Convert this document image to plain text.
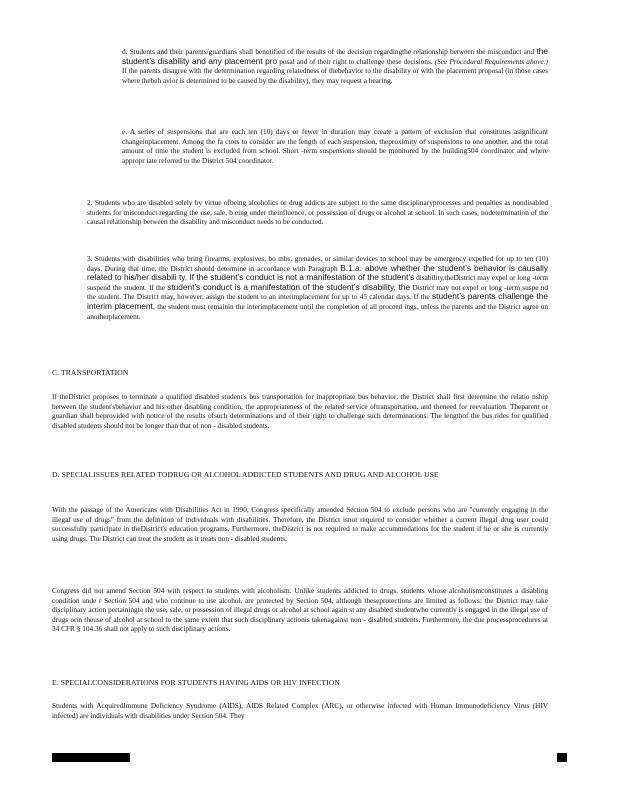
d. Students and their parents/guardians shall benotified of the results of the decision regardingthe relationship between the misconduct and the student’s disability and any placement pro posal and of their right to challenge these decisions. (See Procedural Requirements above.) If the parents disagree with the determination regarding relatedness of thebehavior to the disability or with the placement proposal (in those cases where thebeh avior is determined to be caused by the disability), they may request a hearing.

e. A series of suspensions that are each ten (10) days or fewer in duration may create a pattern of exclusion that constitutes asignificant changeinplacement. Among the fa ctors to consider are the length of each suspension, theproximity of suspensions to one another, and the total amount of time the student is excluded from school. Short -term suspensions should be monitored by the building504 coordinator and where appropr iate referred to the District 504 coordinator.

2. Students who are disabled solely by virtue ofbeing alcoholics or drug addicts are subject to the same disciplinaryprocesses and penalties as nondisabled students for misconduct regarding the use, sale, b eing under theinfluence, or possession of drugs or alcohol at school. In such cases, nodetermination of the causal relationship between the disability and misconduct needs to be conducted.

3. Students with disabilities who bring firearms, explosives, bo mbs, grenades, or similar devices to school may be emergency expelled for up to ten (10) days. During that time, the District should determine in accordance with Paragraph B.1.a. above whether the student’s behavior is causally related to his/her disabili ty. If the student’s conduct is not a manifestation of the student’s disability,theDistrict may expel or long -term suspend the student. If the student’s conduct is a manifestation of the student’s disability, the District may not expel or long -term suspe nd the student. The District may, however, assign the student to an interimplacement for up to 45 calendar days. If the student’s parents challenge the interim placement, the student must remainin the interimplacement until the completion of all proceed ings, unless the parents and the District agree on anotherplacement.

C. TRANSPORTATION

If theDistrict proposes to terminate a qualified disabled student's bus transportation for inappropriate bus behavior, the District shall first determine the relatio nship between the student'sbehavior and his other disabling condition, the appropriateness of the related service oftransportation, and theneed for reevaluation. Theparent or guardian shall beprovided with notice of the results ofsuch determinations and of their right to challenge such determinations. The lengthof the bus rides for qualified disabled students should not be longer than that of non - disabled students.

D. SPECIALISSUES RELATED TODRUG OR ALCOHOL ADDICTED STUDENTS AND DRUG AND ALCOHOL USE

With the passage of the Americans with Disabilities Act in 1990, Congress specifically amended Section 504 to exclude persons who are "currently engaging in the illegal use of drugs" from the definition of individuals with disabilities. Therefore, the District isnot required to consider whether a current illegal drug user could successfully participate in theDistrict's education programs. Furthermore, theDistrict is not required to make accommodations for the student if he or she is currently using drugs. The District can treat the student as it treats non - disabled students.

Congress did not amend Section 504 with respect to students with alcoholism. Unlike students addicted to drugs, students whose alcoholismconstitutes a disabling condition unde r Section 504 and who continue to use alcohol, are protected by Section 504, although theseprotections are limited as follows: the District may take disciplinary action pertainingto the use, sale, or possession of illegal drugs or alcohol at school again st any disabled studentwho currently is engaged in the illegal use of drugs orin theuse of alcohol at school to the same extent that such disciplinary actionis takenagainst non - disabled students. Furthermore, the due processprocedures at 34 CFR § 104.36 shall not apply to such disciplinary actions.

E. SPECIALCONSIDERATIONS FOR STUDENTS HAVING AIDS OR HIV INFECTION

Students with AcquiredImmune Deficiency Syndrome (AIDS), AIDS Related Complex (ARC), or otherwise infected with Human Immunodeficiency Virus (HIV infected) are individuals with disabilities under Section 504. They
